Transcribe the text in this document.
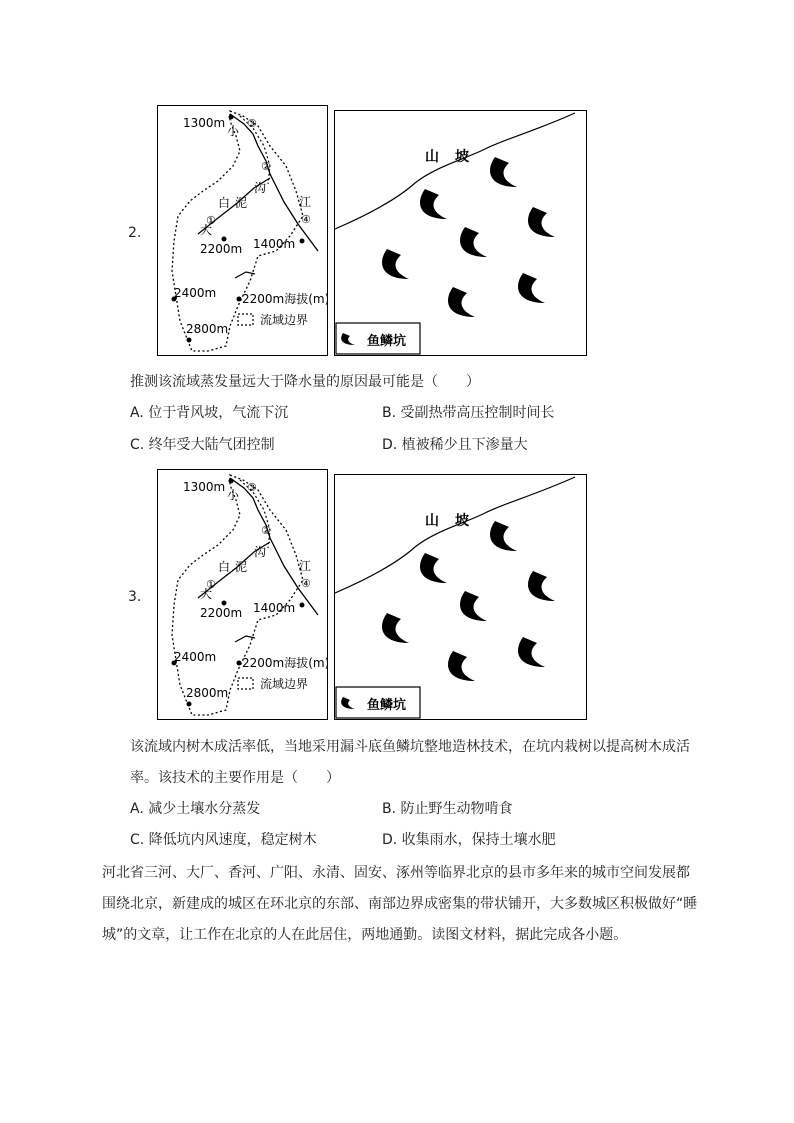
2.
1300m
小
沟
白 泥
大
江
①
②
③
④
2200m 1400m
2400m
2800m
2200m海拔(m)
流域边界
山 坡
鱼鳞坑
推测该流域蒸发量远大于降水量的原因最可能是（　　）
A. 位于背风坡，气流下沉	B. 受副热带高压控制时间长
C. 终年受大陆气团控制	D. 植被稀少且下渗量大
3.
1300m
小
沟
白 泥
大
江
①
②
③
④
2200m 1400m
2400m
2800m
2200m海拔(m)
流域边界
山 坡
鱼鳞坑
该流域内树木成活率低，当地采用漏斗底鱼鳞坑整地造林技术，在坑内栽树以提高树木成活
率。该技术的主要作用是（　　）
A. 减少土壤水分蒸发	B. 防止野生动物啃食
C. 降低坑内风速度，稳定树木	D. 收集雨水，保持土壤水肥
河北省三河、大厂、香河、广阳、永清、固安、涿州等临界北京的县市多年来的城市空间发展都
围绕北京，新建成的城区在环北京的东部、南部边界成密集的带状铺开，大多数城区积极做好“睡
城”的文章，让工作在北京的人在此居住，两地通勤。读图文材料，据此完成各小题。
